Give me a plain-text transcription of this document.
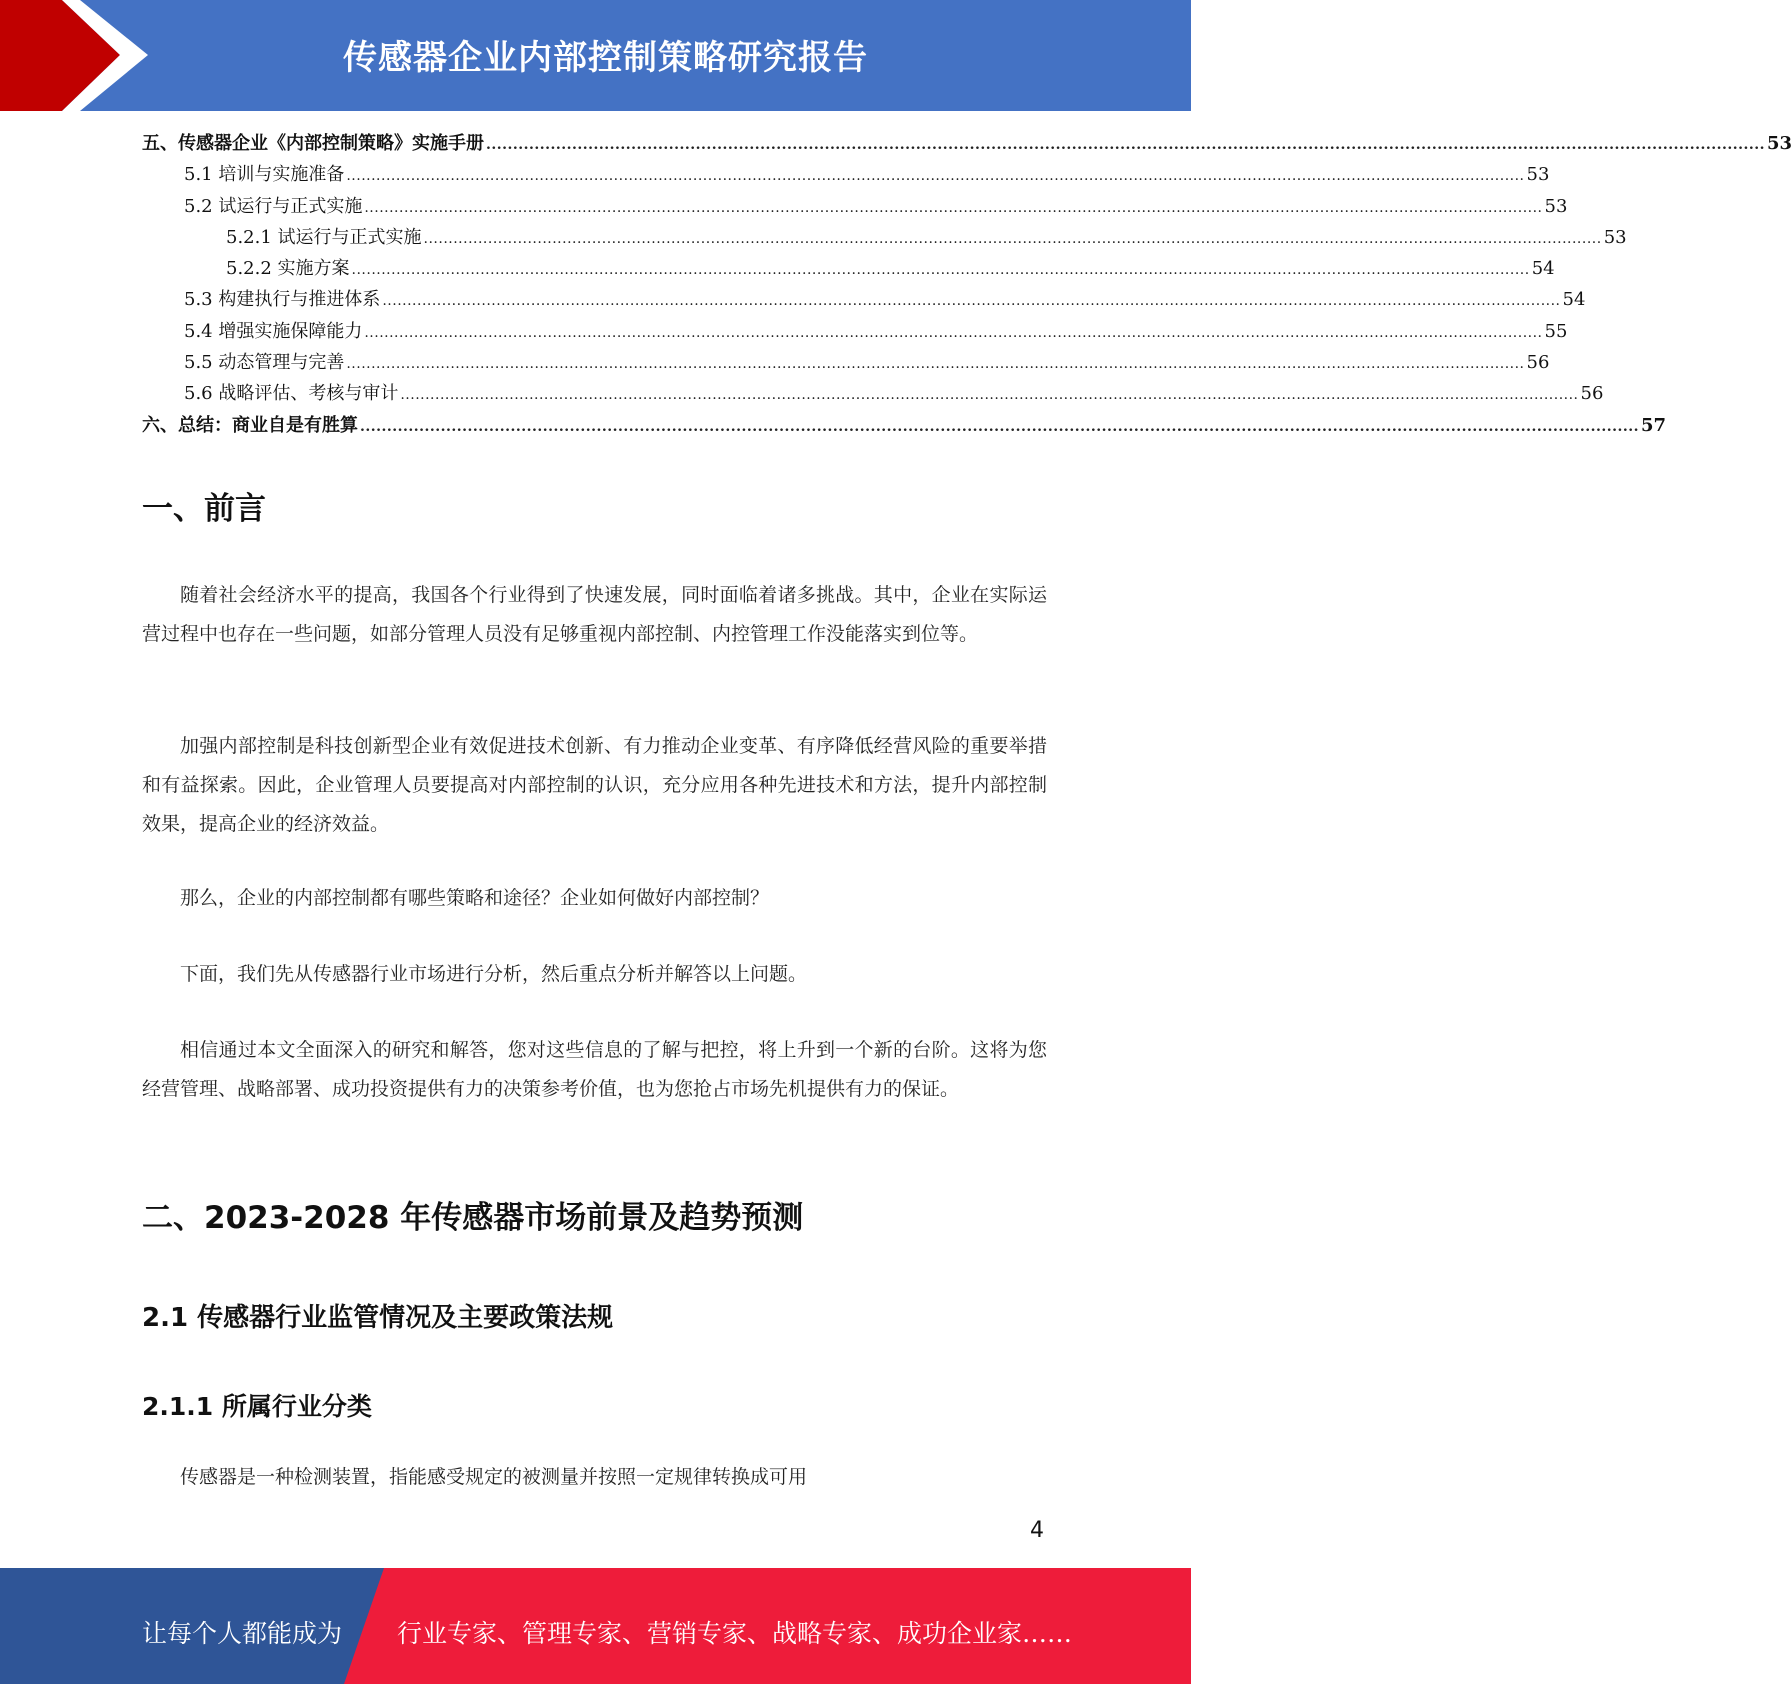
传感器企业内部控制策略研究报告
五、传感器企业《内部控制策略》实施手册 .............................................................................................................................................................................................................................................. 53
5.1 培训与实施准备 .............................................................................................................................................................................................................................................. 53
5.2 试运行与正式实施 .............................................................................................................................................................................................................................................. 53
5.2.1 试运行与正式实施 .............................................................................................................................................................................................................................................. 53
5.2.2 实施方案 .............................................................................................................................................................................................................................................. 54
5.3 构建执行与推进体系 .............................................................................................................................................................................................................................................. 54
5.4 增强实施保障能力 .............................................................................................................................................................................................................................................. 55
5.5 动态管理与完善 .............................................................................................................................................................................................................................................. 56
5.6 战略评估、考核与审计 .............................................................................................................................................................................................................................................. 56
六、总结：商业自是有胜算 .............................................................................................................................................................................................................................................. 57
一、前言
随着社会经济水平的提高，我国各个行业得到了快速发展，同时面临着诸多挑战。其中，企业在实际运营过程中也存在一些问题，如部分管理人员没有足够重视内部控制、内控管理工作没能落实到位等。
加强内部控制是科技创新型企业有效促进技术创新、有力推动企业变革、有序降低经营风险的重要举措和有益探索。因此，企业管理人员要提高对内部控制的认识，充分应用各种先进技术和方法，提升内部控制效果，提高企业的经济效益。
那么，企业的内部控制都有哪些策略和途径？企业如何做好内部控制？
下面，我们先从传感器行业市场进行分析，然后重点分析并解答以上问题。
相信通过本文全面深入的研究和解答，您对这些信息的了解与把控，将上升到一个新的台阶。这将为您经营管理、战略部署、成功投资提供有力的决策参考价值，也为您抢占市场先机提供有力的保证。
二、2023-2028 年传感器市场前景及趋势预测
2.1 传感器行业监管情况及主要政策法规
2.1.1 所属行业分类
传感器是一种检测装置，指能感受规定的被测量并按照一定规律转换成可用
4
让每个人都能成为 行业专家、管理专家、营销专家、战略专家、成功企业家……
